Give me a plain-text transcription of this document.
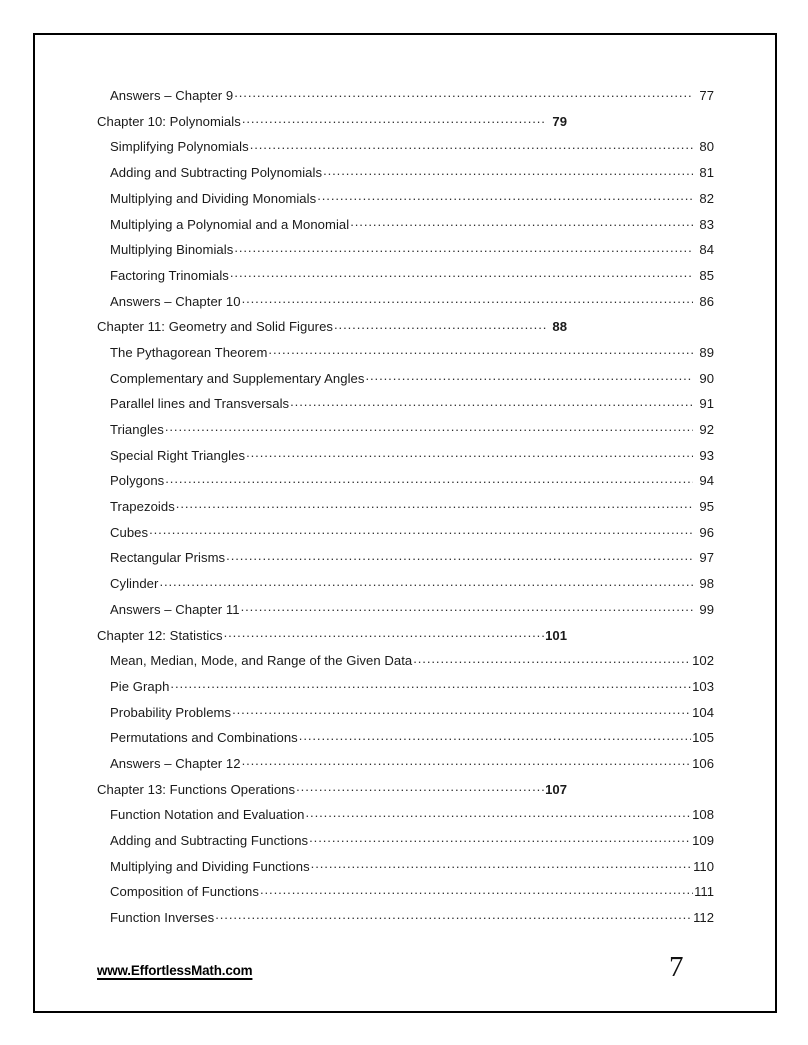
Answers – Chapter 9 .....	77
Chapter 10: Polynomials .....	79
Simplifying Polynomials .....	80
Adding and Subtracting Polynomials .....	81
Multiplying and Dividing Monomials .....	82
Multiplying a Polynomial and a Monomial .....	83
Multiplying Binomials .....	84
Factoring Trinomials .....	85
Answers – Chapter 10 .....	86
Chapter 11: Geometry and Solid Figures .....	88
The Pythagorean Theorem .....	89
Complementary and Supplementary Angles .....	90
Parallel lines and Transversals .....	91
Triangles .....	92
Special Right Triangles .....	93
Polygons .....	94
Trapezoids .....	95
Cubes .....	96
Rectangular Prisms .....	97
Cylinder .....	98
Answers – Chapter 11 .....	99
Chapter 12: Statistics .....	101
Mean, Median, Mode, and Range of the Given Data .....	102
Pie Graph .....	103
Probability Problems .....	104
Permutations and Combinations .....	105
Answers – Chapter 12 .....	106
Chapter 13: Functions Operations .....	107
Function Notation and Evaluation .....	108
Adding and Subtracting Functions .....	109
Multiplying and Dividing Functions .....	110
Composition of Functions .....	111
Function Inverses .....	112
www.EffortlessMath.com	7
